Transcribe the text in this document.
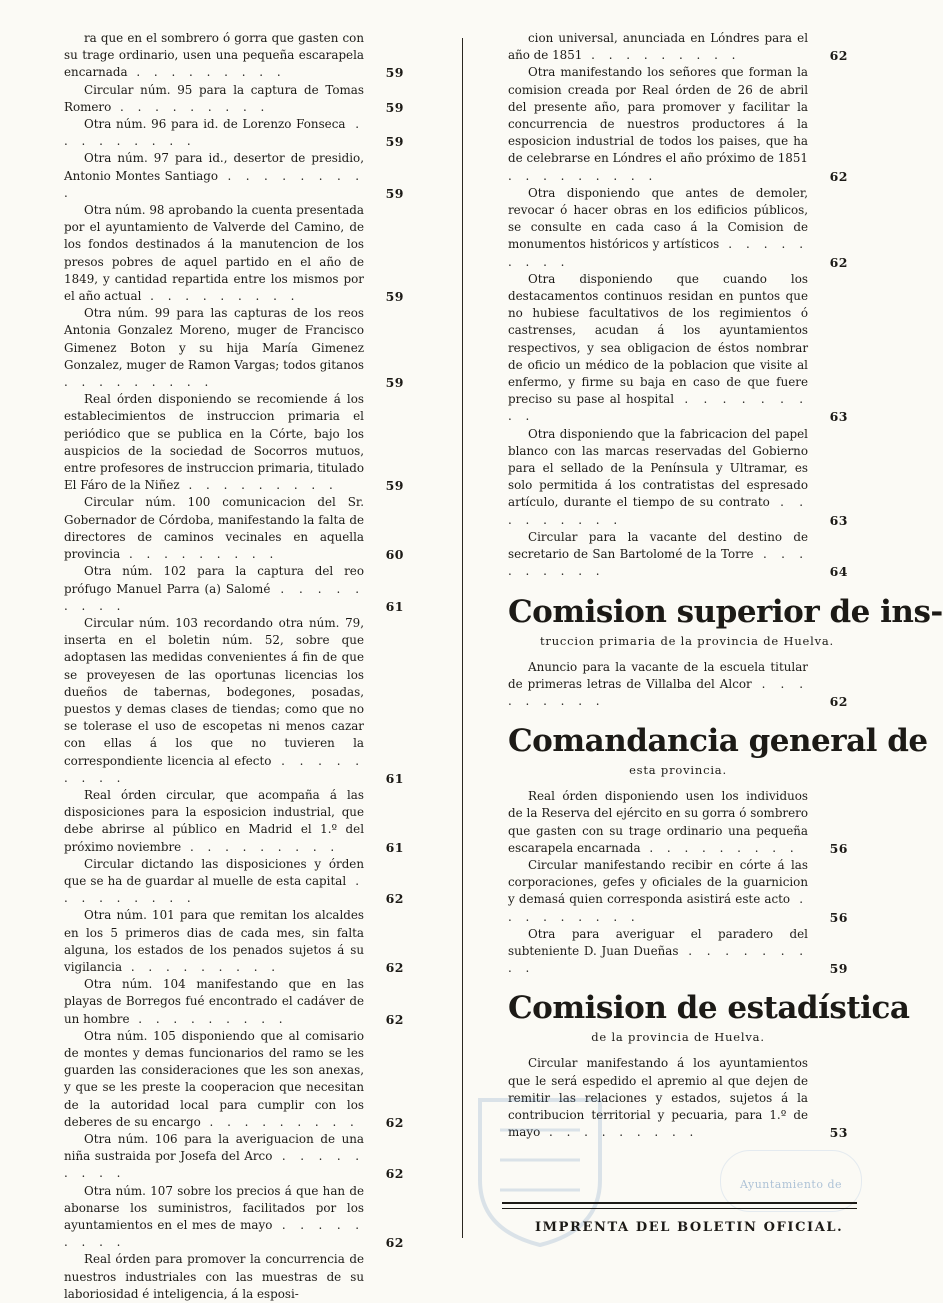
ra que en el sombrero ó gorra que gasten con su trage ordinario, usen una pequeña escarapela encarnada . . . . . . . . .	59

Circular núm. 95 para la captura de Tomas Romero . . . . . . . . .	59

Otra núm. 96 para id. de Lorenzo Fonseca . . . . . . . . .	59

Otra núm. 97 para id., desertor de presidio, Antonio Montes Santiago . . . . . . . . .	59

Otra núm. 98 aprobando la cuenta presentada por el ayuntamiento de Valverde del Camino, de los fondos destinados á la manutencion de los presos pobres de aquel partido en el año de 1849, y cantidad repartida entre los mismos por el año actual . . . . . . . . .	59

Otra núm. 99 para las capturas de los reos Antonia Gonzalez Moreno, muger de Francisco Gimenez Boton y su hija María Gimenez Gonzalez, muger de Ramon Vargas; todos gitanos . . . . . . . . .	59

Real órden disponiendo se recomiende á los establecimientos de instruccion primaria el periódico que se publica en la Córte, bajo los auspicios de la sociedad de Socorros mutuos, entre profesores de instruccion primaria, titulado El Fáro de la Niñez . . . . . . . . .	59

Circular núm. 100 comunicacion del Sr. Gobernador de Córdoba, manifestando la falta de directores de caminos vecinales en aquella provincia . . . . . . . . .	60

Otra núm. 102 para la captura del reo prófugo Manuel Parra (a) Salomé . . . . . . . . .	61

Circular núm. 103 recordando otra núm. 79, inserta en el boletin núm. 52, sobre que adoptasen las medidas convenientes á fin de que se proveyesen de las oportunas licencias los dueños de tabernas, bodegones, posadas, puestos y demas clases de tiendas; como que no se tolerase el uso de escopetas ni menos cazar con ellas á los que no tuvieren la correspondiente licencia al efecto . . . . . . . . .	61

Real órden circular, que acompaña á las disposiciones para la esposicion industrial, que debe abrirse al público en Madrid el 1.º del próximo noviembre . . . . . . . . .	61

Circular dictando las disposiciones y órden que se ha de guardar al muelle de esta capital . . . . . . . . .	62

Otra núm. 101 para que remitan los alcaldes en los 5 primeros dias de cada mes, sin falta alguna, los estados de los penados sujetos á su vigilancia . . . . . . . . .	62

Otra núm. 104 manifestando que en las playas de Borregos fué encontrado el cadáver de un hombre . . . . . . . . .	62

Otra núm. 105 disponiendo que al comisario de montes y demas funcionarios del ramo se les guarden las consideraciones que les son anexas, y que se les preste la cooperacion que necesitan de la autoridad local para cumplir con los deberes de su encargo . . . . . . . . .	62

Otra núm. 106 para la averiguacion de una niña sustraida por Josefa del Arco . . . . . . . . .	62

Otra núm. 107 sobre los precios á que han de abonarse los suministros, facilitados por los ayuntamientos en el mes de mayo . . . . . . . . .	62

Real órden para promover la concurrencia de nuestros industriales con las muestras de su laboriosidad é inteligencia, á la esposi-

cion universal, anunciada en Lóndres para el año de 1851 . . . . . . . . .	62

Otra manifestando los señores que forman la comision creada por Real órden de 26 de abril del presente año, para promover y facilitar la concurrencia de nuestros productores á la esposicion industrial de todos los paises, que ha de celebrarse en Lóndres el año próximo de 1851 . . . . . . . . .	62

Otra disponiendo que antes de demoler, revocar ó hacer obras en los edificios públicos, se consulte en cada caso á la Comision de monumentos históricos y artísticos . . . . . . . . .	62

Otra disponiendo que cuando los destacamentos continuos residan en puntos que no hubiese facultativos de los regimientos ó castrenses, acudan á los ayuntamientos respectivos, y sea obligacion de éstos nombrar de oficio un médico de la poblacion que visite al enfermo, y firme su baja en caso de que fuere preciso su pase al hospital . . . . . . . . .	63

Otra disponiendo que la fabricacion del papel blanco con las marcas reservadas del Gobierno para el sellado de la Península y Ultramar, es solo permitida á los contratistas del espresado artículo, durante el tiempo de su contrato . . . . . . . . .	63

Circular para la vacante del destino de secretario de San Bartolomé de la Torre . . . . . . . . .	64

Comision superior de ins-
truccion primaria de la provincia de Huelva.

Anuncio para la vacante de la escuela titular de primeras letras de Villalba del Alcor . . . . . . . . .	62

Comandancia general de
esta provincia.

Real órden disponiendo usen los individuos de la Reserva del ejército en su gorra ó sombrero que gasten con su trage ordinario una pequeña escarapela encarnada . . . . . . . . .	56

Circular manifestando recibir en córte á las corporaciones, gefes y oficiales de la guarnicion y demasá quien corresponda asistirá este acto . . . . . . . . .	56

Otra para averiguar el paradero del subteniente D. Juan Dueñas . . . . . . . . .	59

Comision de estadística
de la provincia de Huelva.

Circular manifestando á los ayuntamientos que le será espedido el apremio al que dejen de remitir las relaciones y estados, sujetos á la contribucion territorial y pecuaria, para 1.º de mayo . . . . . . . . .	53

Ayuntamiento de
IMPRENTA DEL BOLETIN OFICIAL.
